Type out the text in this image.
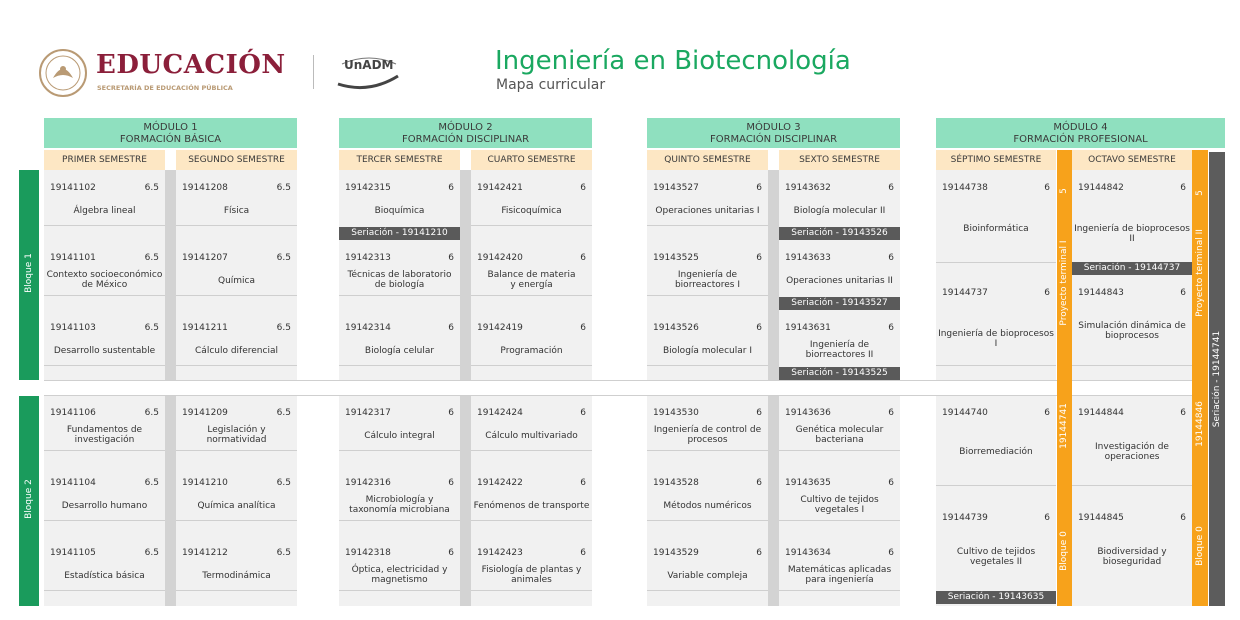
EDUCACIÓN
SECRETARÍA DE EDUCACIÓN PÚBLICA
UnADM	Ingeniería en Biotecnología
Mapa curricular
MÓDULO 1
FORMACIÓN BÁSICA
MÓDULO 2
FORMACIÓN DISCIPLINAR
MÓDULO 3
FORMACIÓN DISCIPLINAR
MÓDULO 4
FORMACIÓN PROFESIONAL
PRIMER SEMESTRE	SEGUNDO SEMESTRE	TERCER SEMESTRE	CUARTO SEMESTRE	QUINTO SEMESTRE	SEXTO SEMESTRE	SÉPTIMO SEMESTRE	OCTAVO SEMESTRE
Bloque 1
Bloque 2
19141102	6.5
Álgebra lineal
19141101	6.5
Contexto socioeconómico de México
19141103	6.5
Desarrollo sustentable
19141106	6.5
Fundamentos de investigación
19141104	6.5
Desarrollo humano
19141105	6.5
Estadística básica
19141208	6.5
Física
19141207	6.5
Química
19141211	6.5
Cálculo diferencial
19141209	6.5
Legislación y normatividad
19141210	6.5
Química analítica
19141212	6.5
Termodinámica
19142315	6
Bioquímica
Seriación - 19141210
19142313	6
Técnicas de laboratorio de biología
19142314	6
Biología celular
19142317	6
Cálculo integral
19142316	6
Microbiología y taxonomía microbiana
19142318	6
Óptica, electricidad y magnetismo
19142421	6
Fisicoquímica
19142420	6
Balance de materia y energía
19142419	6
Programación
19142424	6
Cálculo multivariado
19142422	6
Fenómenos de transporte
19142423	6
Fisiología de plantas y animales
19143527	6
Operaciones unitarias I
19143525	6
Ingeniería de biorreactores I
19143526	6
Biología molecular I
19143530	6
Ingeniería de control de procesos
19143528	6
Métodos numéricos
19143529	6
Variable compleja
19143632	6
Biología molecular II
Seriación - 19143526
19143633	6
Operaciones unitarias II
Seriación - 19143527
19143631	6
Ingeniería de biorreactores II
Seriación - 19143525
19143636	6
Genética molecular bacteriana
19143635	6
Cultivo de tejidos vegetales I
19143634	6
Matemáticas aplicadas para ingeniería
19144738	6
Bioinformática
19144737	6
Ingeniería de bioprocesos I
19144740	6
Biorremediación
19144739	6
Cultivo de tejidos vegetales II
Seriación - 19143635
19144842	6
Ingeniería de bioprocesos II
Seriación - 19144737
19144843	6
Simulación dinámica de bioprocesos
19144844	6
Investigación de operaciones
19144845	6
Biodiversidad y bioseguridad
5
Proyecto terminal I
19144741
Bloque 0
5
Proyecto terminal II
19144846
Bloque 0
Seriación - 19144741
